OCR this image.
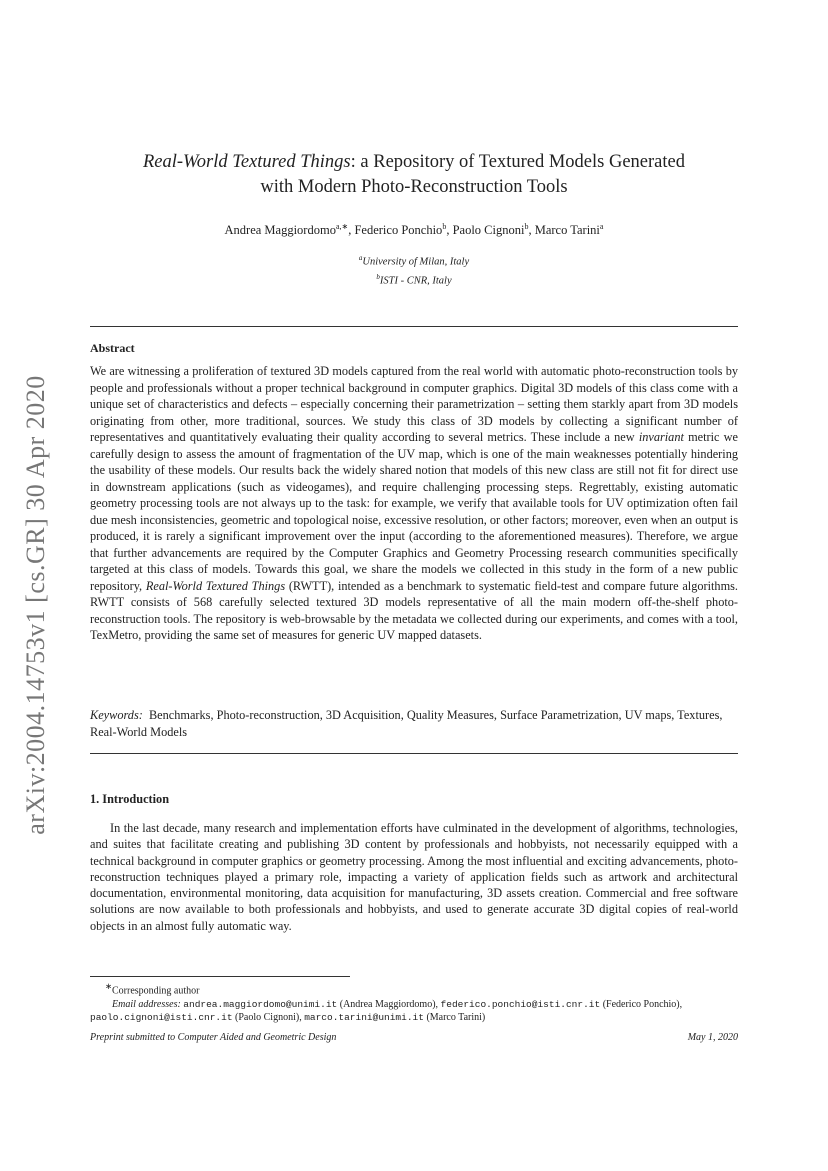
arXiv:2004.14753v1 [cs.GR] 30 Apr 2020
Real-World Textured Things: a Repository of Textured Models Generated
with Modern Photo-Reconstruction Tools
Andrea Maggiordomo$^{a,∗}$, Federico Ponchio$^b$, Paolo Cignoni$^b$, Marco Tarini$^a$
$^a$University of Milan, Italy
$^b$ISTI - CNR, Italy
Abstract
We are witnessing a proliferation of textured 3D models captured from the real world with automatic photo-reconstruction tools by people and professionals without a proper technical background in computer graphics. Digital 3D models of this class come with a unique set of characteristics and defects – especially concerning their parametrization – setting them starkly apart from 3D models originating from other, more traditional, sources. We study this class of 3D models by collecting a significant number of representatives and quantitatively evaluating their quality according to several metrics. These include a new invariant metric we carefully design to assess the amount of fragmentation of the UV map, which is one of the main weaknesses potentially hindering the usability of these models. Our results back the widely shared notion that models of this new class are still not fit for direct use in downstream applications (such as videogames), and require challenging processing steps. Regrettably, existing automatic geometry processing tools are not always up to the task: for example, we verify that available tools for UV optimization often fail due mesh inconsistencies, geometric and topological noise, excessive resolution, or other factors; moreover, even when an output is produced, it is rarely a significant improvement over the input (according to the aforementioned measures). Therefore, we argue that further advancements are required by the Computer Graphics and Geometry Processing research communities specifically targeted at this class of models. Towards this goal, we share the models we collected in this study in the form of a new public repository, Real-World Textured Things (RWTT), intended as a benchmark to systematic field-test and compare future algorithms. RWTT consists of 568 carefully selected textured 3D models representative of all the main modern off-the-shelf photo-reconstruction tools. The repository is web-browsable by the metadata we collected during our experiments, and comes with a tool, TexMetro, providing the same set of measures for generic UV mapped datasets.
Keywords: Benchmarks, Photo-reconstruction, 3D Acquisition, Quality Measures, Surface Parametrization, UV maps, Textures, Real-World Models
1. Introduction
In the last decade, many research and implementation efforts have culminated in the development of algorithms, technologies, and suites that facilitate creating and publishing 3D content by professionals and hobbyists, not necessarily equipped with a technical background in computer graphics or geometry processing. Among the most influential and exciting advancements, photo-reconstruction techniques played a primary role, impacting a variety of application fields such as artwork and architectural documentation, environmental monitoring, data acquisition for manufacturing, 3D assets creation. Commercial and free software solutions are now available to both professionals and hobbyists, and used to generate accurate 3D digital copies of real-world objects in an almost fully automatic way.
∗Corresponding author
Email addresses: andrea.maggiordomo@unimi.it (Andrea Maggiordomo), federico.ponchio@isti.cnr.it (Federico Ponchio), paolo.cignoni@isti.cnr.it (Paolo Cignoni), marco.tarini@unimi.it (Marco Tarini)
Preprint submitted to Computer Aided and Geometric Design	May 1, 2020
